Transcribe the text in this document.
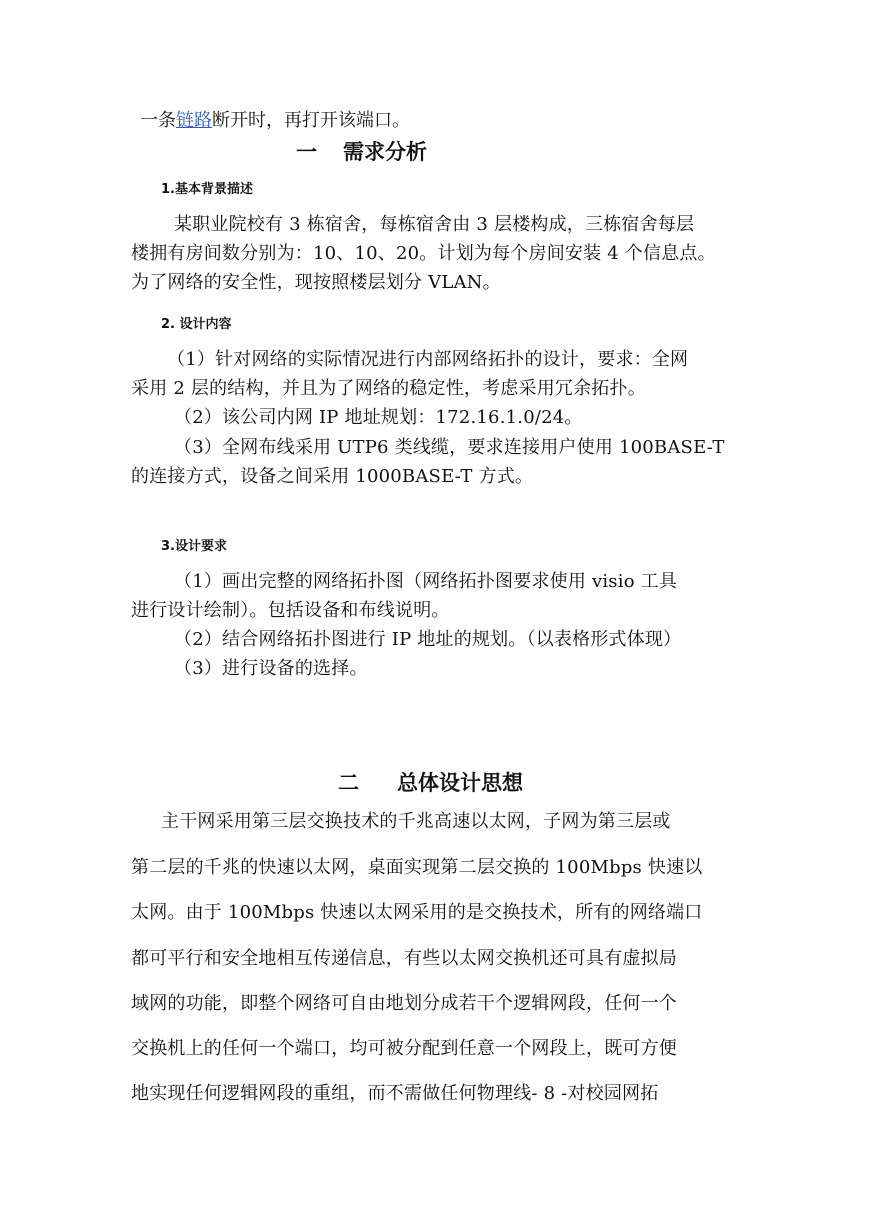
一条链路断开时，再打开该端口。
一 需求分析
1.基本背景描述
某职业院校有 3 栋宿舍，每栋宿舍由 3 层楼构成，三栋宿舍每层
楼拥有房间数分别为：10、10、20。计划为每个房间安装 4 个信息点。
为了网络的安全性，现按照楼层划分 VLAN。
2. 设计内容
（1）针对网络的实际情况进行内部网络拓扑的设计，要求：全网
采用 2 层的结构，并且为了网络的稳定性，考虑采用冗余拓扑。
（2）该公司内网 IP 地址规划：172.16.1.0/24。
（3）全网布线采用 UTP6 类线缆，要求连接用户使用 100BASE-T
的连接方式，设备之间采用 1000BASE-T 方式。
3.设计要求
（1）画出完整的网络拓扑图（网络拓扑图要求使用 visio 工具
进行设计绘制）。包括设备和布线说明。
（2）结合网络拓扑图进行 IP 地址的规划。（以表格形式体现）
（3）进行设备的选择。
二 总体设计思想
主干网采用第三层交换技术的千兆高速以太网，子网为第三层或
第二层的千兆的快速以太网，桌面实现第二层交换的 100Mbps 快速以
太网。由于 100Mbps 快速以太网采用的是交换技术，所有的网络端口
都可平行和安全地相互传递信息，有些以太网交换机还可具有虚拟局
域网的功能，即整个网络可自由地划分成若干个逻辑网段，任何一个
交换机上的任何一个端口，均可被分配到任意一个网段上，既可方便
地实现任何逻辑网段的重组，而不需做任何物理线- 8 -对校园网拓
